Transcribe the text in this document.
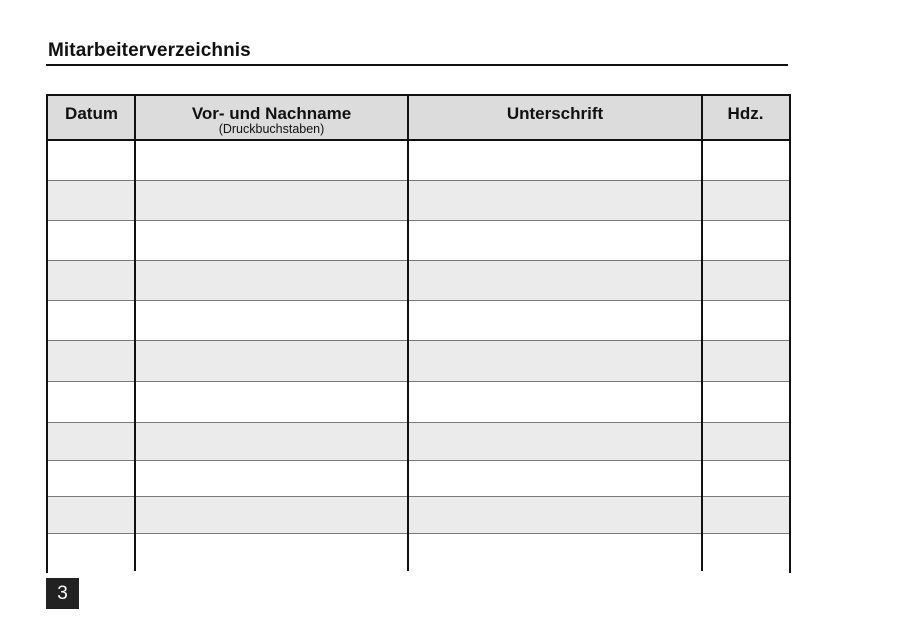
Mitarbeiterverzeichnis
Datum	Vor- und Nachname
(Druckbuchstaben)
Unterschrift	Hdz.
3
